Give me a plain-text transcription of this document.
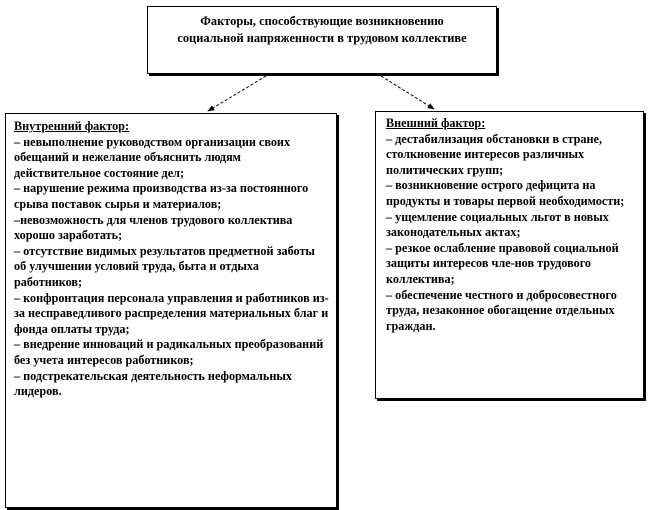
Факторы, способствующие возникновению социальной напряженности в трудовом коллективе
Внутренний фактор:
– невыполнение руководством организации своих обещаний и нежелание объяснить людям действительное состояние дел;
– нарушение режима производства из-за постоянного срыва поставок сырья и материалов;
–невозможность для членов трудового коллектива хорошо заработать;
– отсутствие видимых результатов предметной заботы об улучшении условий труда, быта и отдыха работников;
– конфронтация персонала управления и работников из-за несправедливого распределения материальных благ и фонда оплаты труда;
– внедрение инноваций и радикальных преобразований без учета интересов работников;
– подстрекательская деятельность неформальных лидеров.
Внешний фактор:
– дестабилизация обстановки в стране, столкновение интересов различных политических групп;
– возникновение острого дефицита на продукты и товары первой необходимости;
– ущемление социальных льгот в новых законодательных актах;
– резкое ослабление правовой социальной защиты интересов чле-нов трудового коллектива;
– обеспечение честного и добросовестного труда, незаконное обогащение отдельных граждан.
